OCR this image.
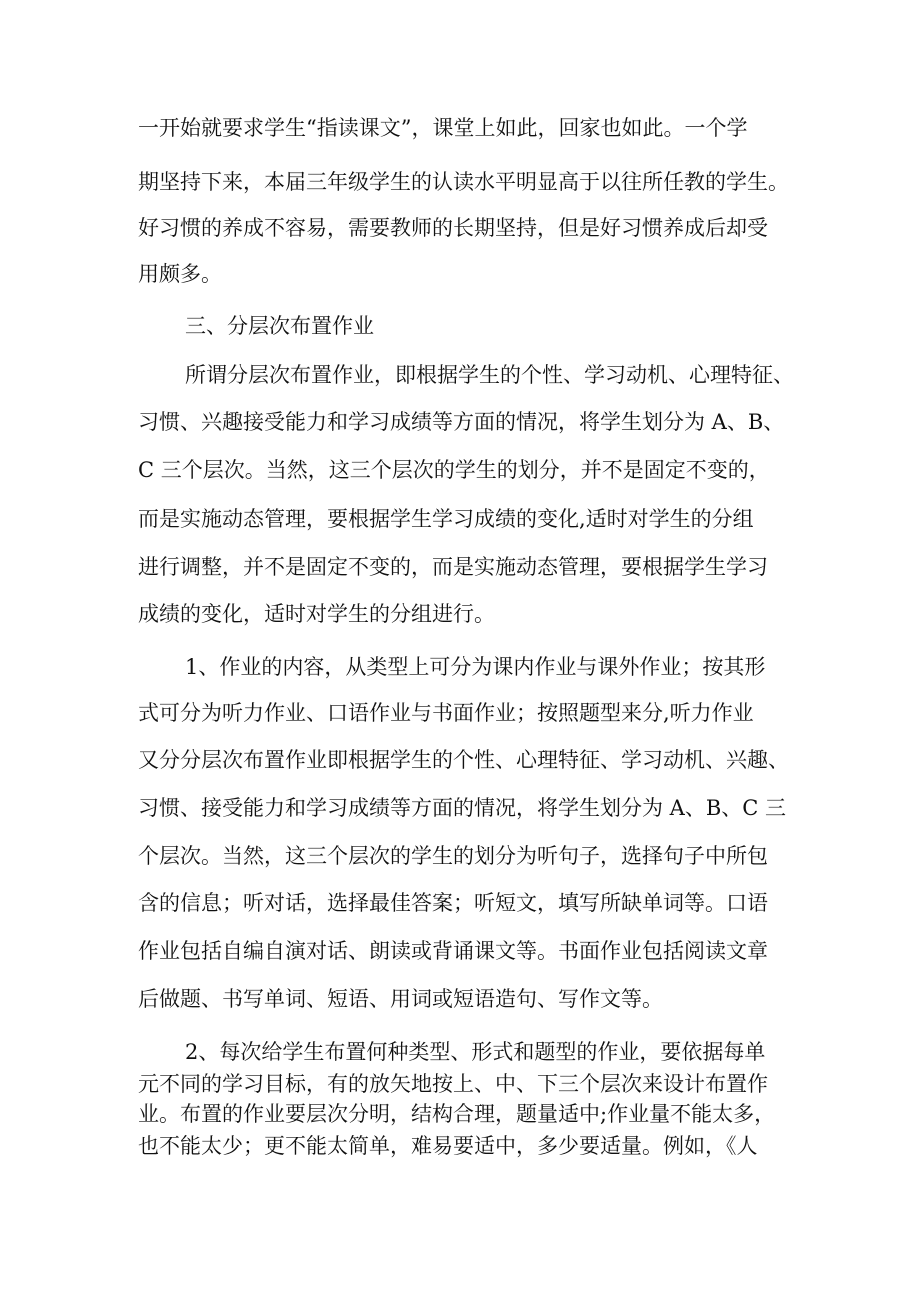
一开始就要求学生“指读课文”，课堂上如此，回家也如此。一个学
期坚持下来，本届三年级学生的认读水平明显高于以往所任教的学生。
好习惯的养成不容易，需要教师的长期坚持，但是好习惯养成后却受
用颇多。
三、分层次布置作业
所谓分层次布置作业，即根据学生的个性、学习动机、心理特征、
习惯、兴趣接受能力和学习成绩等方面的情况，将学生划分为 A、B、
C 三个层次。当然，这三个层次的学生的划分，并不是固定不变的，
而是实施动态管理，要根据学生学习成绩的变化,适时对学生的分组
进行调整，并不是固定不变的，而是实施动态管理，要根据学生学习
成绩的变化，适时对学生的分组进行。
1、作业的内容，从类型上可分为课内作业与课外作业；按其形
式可分为听力作业、口语作业与书面作业；按照题型来分,听力作业
又分分层次布置作业即根据学生的个性、心理特征、学习动机、兴趣、
习惯、接受能力和学习成绩等方面的情况，将学生划分为 A、B、C 三
个层次。当然，这三个层次的学生的划分为听句子，选择句子中所包
含的信息；听对话，选择最佳答案；听短文，填写所缺单词等。口语
作业包括自编自演对话、朗读或背诵课文等。书面作业包括阅读文章
后做题、书写单词、短语、用词或短语造句、写作文等。
2、每次给学生布置何种类型、形式和题型的作业，要依据每单
元不同的学习目标，有的放矢地按上、中、下三个层次来设计布置作
业。布置的作业要层次分明，结构合理，题量适中;作业量不能太多，
也不能太少；更不能太简单，难易要适中，多少要适量。例如，《人
